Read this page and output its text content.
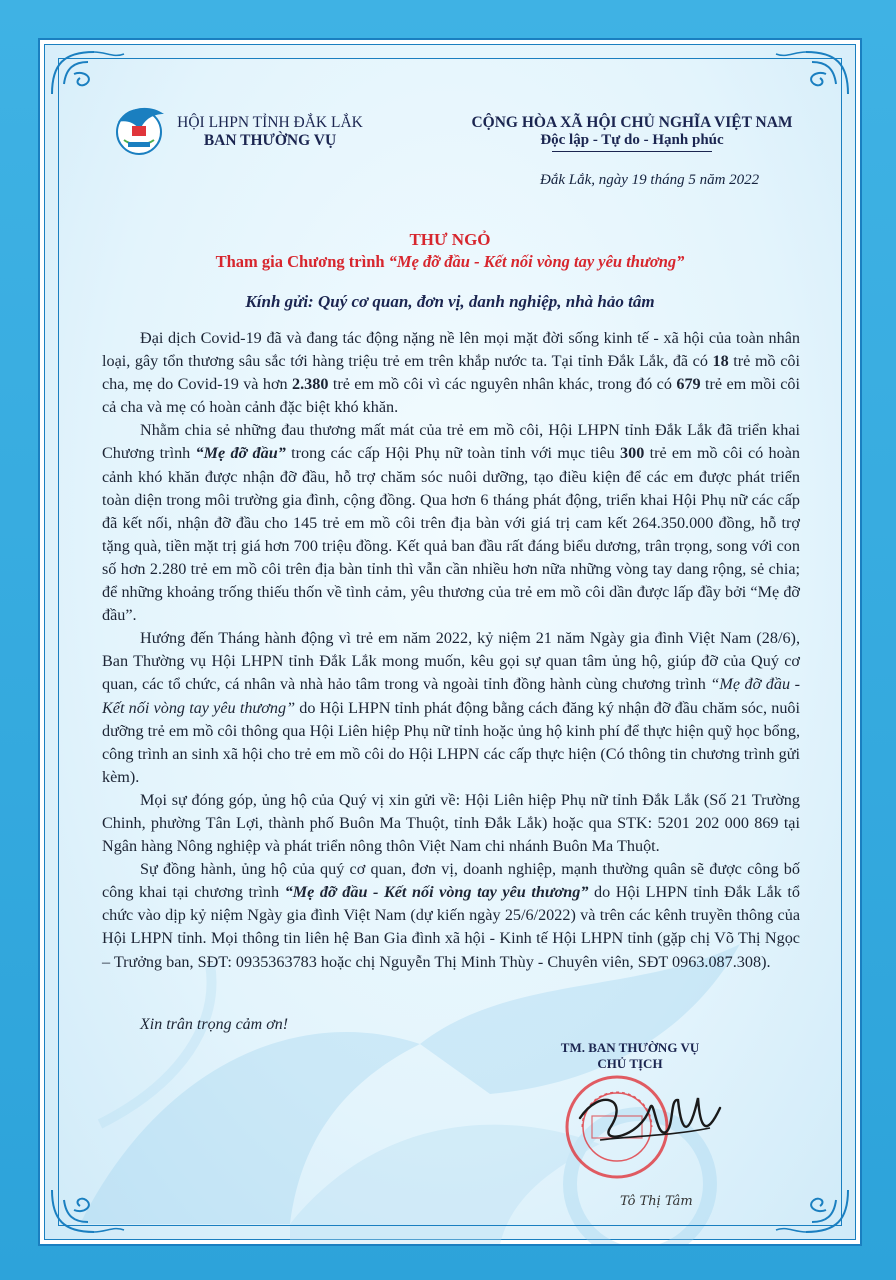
HỘI LHPN TỈNH ĐẮK LẮK
BAN THƯỜNG VỤ
CỘNG HÒA XÃ HỘI CHỦ NGHĨA VIỆT NAM
Độc lập - Tự do - Hạnh phúc
Đắk Lắk, ngày 19 tháng 5 năm 2022
THƯ NGỎ
Tham gia Chương trình “Mẹ đỡ đầu - Kết nối vòng tay yêu thương”
Kính gửi: Quý cơ quan, đơn vị, danh nghiệp, nhà hảo tâm

Đại dịch Covid-19 đã và đang tác động nặng nề lên mọi mặt đời sống kinh tế - xã hội của toàn nhân loại, gây tổn thương sâu sắc tới hàng triệu trẻ em trên khắp nước ta. Tại tỉnh Đắk Lắk, đã có 18 trẻ mồ côi cha, mẹ do Covid-19 và hơn 2.380 trẻ em mồ côi vì các nguyên nhân khác, trong đó có 679 trẻ em mồi côi cả cha và mẹ có hoàn cảnh đặc biệt khó khăn.

Nhằm chia sẻ những đau thương mất mát của trẻ em mồ côi, Hội LHPN tỉnh Đắk Lắk đã triển khai Chương trình “Mẹ đỡ đầu” trong các cấp Hội Phụ nữ toàn tỉnh với mục tiêu 300 trẻ em mồ côi có hoàn cảnh khó khăn được nhận đỡ đầu, hỗ trợ chăm sóc nuôi dưỡng, tạo điều kiện để các em được phát triển toàn diện trong môi trường gia đình, cộng đồng. Qua hơn 6 tháng phát động, triển khai Hội Phụ nữ các cấp đã kết nối, nhận đỡ đầu cho 145 trẻ em mồ côi trên địa bàn với giá trị cam kết 264.350.000 đồng, hỗ trợ tặng quà, tiền mặt trị giá hơn 700 triệu đồng. Kết quả ban đầu rất đáng biểu dương, trân trọng, song với con số hơn 2.280 trẻ em mồ côi trên địa bàn tỉnh thì vẫn cần nhiều hơn nữa những vòng tay dang rộng, sẻ chia; để những khoảng trống thiếu thốn về tình cảm, yêu thương của trẻ em mồ côi dần được lấp đầy bởi “Mẹ đỡ đầu”.

Hướng đến Tháng hành động vì trẻ em năm 2022, kỷ niệm 21 năm Ngày gia đình Việt Nam (28/6), Ban Thường vụ Hội LHPN tỉnh Đắk Lắk mong muốn, kêu gọi sự quan tâm ủng hộ, giúp đỡ của Quý cơ quan, các tổ chức, cá nhân và nhà hảo tâm trong và ngoài tỉnh đồng hành cùng chương trình “Mẹ đỡ đầu - Kết nối vòng tay yêu thương” do Hội LHPN tỉnh phát động bằng cách đăng ký nhận đỡ đầu chăm sóc, nuôi dưỡng trẻ em mồ côi thông qua Hội Liên hiệp Phụ nữ tỉnh hoặc ủng hộ kinh phí để thực hiện quỹ học bổng, công trình an sinh xã hội cho trẻ em mồ côi do Hội LHPN các cấp thực hiện (Có thông tin chương trình gửi kèm).

Mọi sự đóng góp, ủng hộ của Quý vị xin gửi về: Hội Liên hiệp Phụ nữ tỉnh Đắk Lắk (Số 21 Trường Chinh, phường Tân Lợi, thành phố Buôn Ma Thuột, tỉnh Đắk Lắk) hoặc qua STK: 5201 202 000 869 tại Ngân hàng Nông nghiệp và phát triển nông thôn Việt Nam chi nhánh Buôn Ma Thuột.

Sự đồng hành, ủng hộ của quý cơ quan, đơn vị, doanh nghiệp, mạnh thường quân sẽ được công bố công khai tại chương trình “Mẹ đỡ đầu - Kết nối vòng tay yêu thương” do Hội LHPN tỉnh Đắk Lắk tổ chức vào dịp kỷ niệm Ngày gia đình Việt Nam (dự kiến ngày 25/6/2022) và trên các kênh truyền thông của Hội LHPN tỉnh. Mọi thông tin liên hệ Ban Gia đình xã hội - Kinh tế Hội LHPN tỉnh (gặp chị Võ Thị Ngọc – Trưởng ban, SĐT: 0935363783 hoặc chị Nguyễn Thị Minh Thùy - Chuyên viên, SĐT 0963.087.308).

Xin trân trọng cảm ơn!
TM. BAN THƯỜNG VỤ
CHỦ TỊCH
Tô Thị Tâm
